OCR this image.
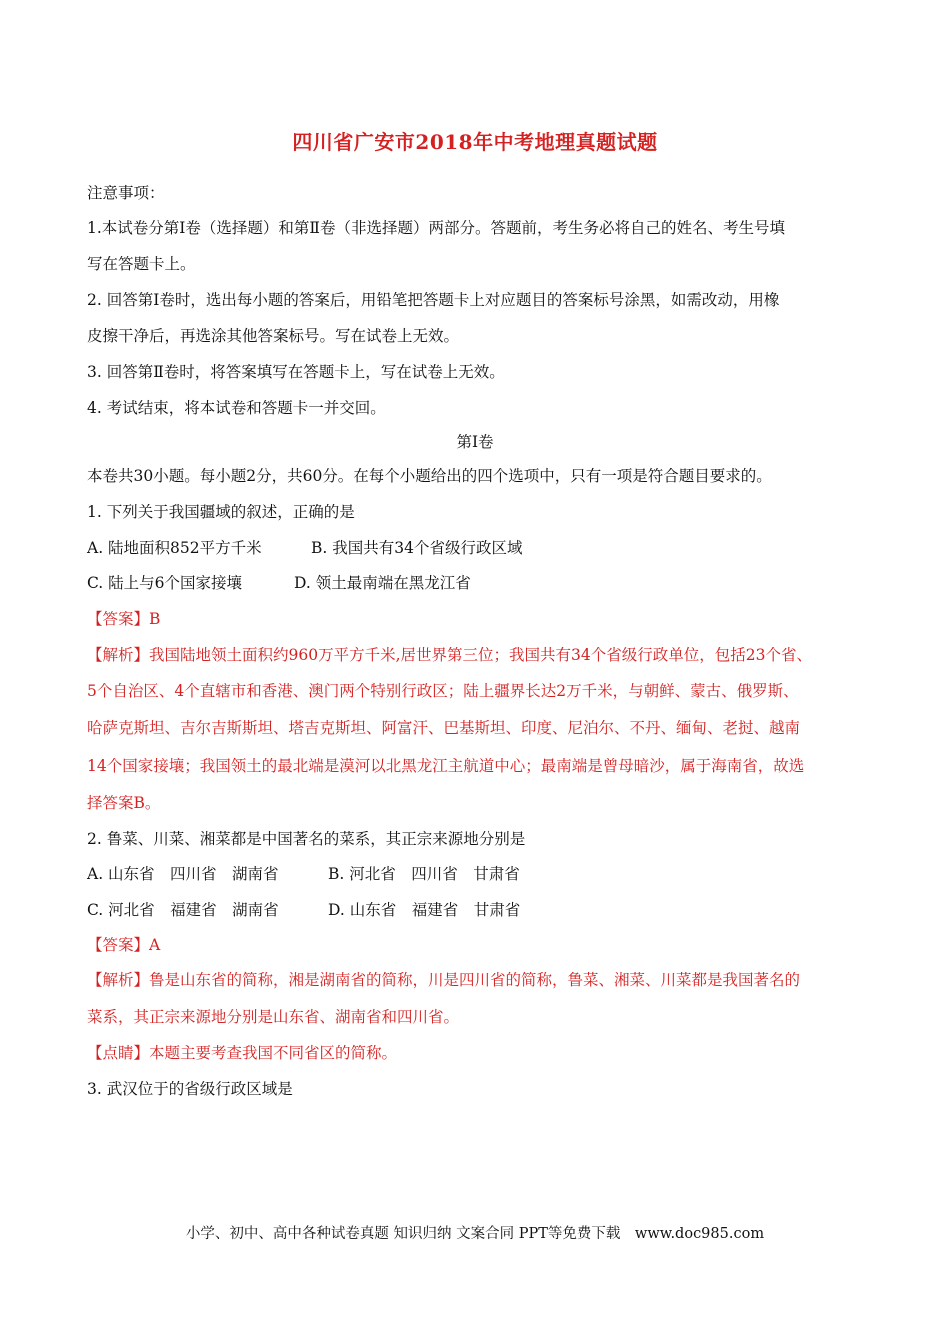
四川省广安市2018年中考地理真题试题
注意事项：
1.本试卷分第Ⅰ卷（选择题）和第Ⅱ卷（非选择题）两部分。答题前，考生务必将自己的姓名、考生号填
写在答题卡上。
2. 回答第Ⅰ卷时，选出每小题的答案后，用铅笔把答题卡上对应题目的答案标号涂黑，如需改动，用橡
皮擦干净后，再选涂其他答案标号。写在试卷上无效。
3. 回答第Ⅱ卷时，将答案填写在答题卡上，写在试卷上无效。
4. 考试结束，将本试卷和答题卡一并交回。
第Ⅰ卷
本卷共30小题。每小题2分，共60分。在每个小题给出的四个选项中，只有一项是符合题目要求的。
1. 下列关于我国疆域的叙述，正确的是
A. 陆地面积852平方千米	B. 我国共有34个省级行政区域
C. 陆上与6个国家接壤	D. 领土最南端在黑龙江省
【答案】B
【解析】我国陆地领土面积约960万平方千米,居世界第三位；我国共有34个省级行政单位，包括23个省、
5个自治区、4个直辖市和香港、澳门两个特别行政区；陆上疆界长达2万千米，与朝鲜、蒙古、俄罗斯、
哈萨克斯坦、吉尔吉斯斯坦、塔吉克斯坦、阿富汗、巴基斯坦、印度、尼泊尔、不丹、缅甸、老挝、越南
14个国家接壤；我国领土的最北端是漠河以北黑龙江主航道中心；最南端是曾母暗沙，属于海南省，故选
择答案B。
2. 鲁菜、川菜、湘菜都是中国著名的菜系，其正宗来源地分别是
A. 山东省　四川省　湖南省	B. 河北省　四川省　甘肃省
C. 河北省　福建省　湖南省	D. 山东省　福建省　甘肃省
【答案】A
【解析】鲁是山东省的简称，湘是湖南省的简称，川是四川省的简称，鲁菜、湘菜、川菜都是我国著名的
菜系，其正宗来源地分别是山东省、湖南省和四川省。
【点睛】本题主要考查我国不同省区的简称。
3. 武汉位于的省级行政区域是
小学、初中、高中各种试卷真题 知识归纳 文案合同 PPT等免费下载　www.doc985.com
